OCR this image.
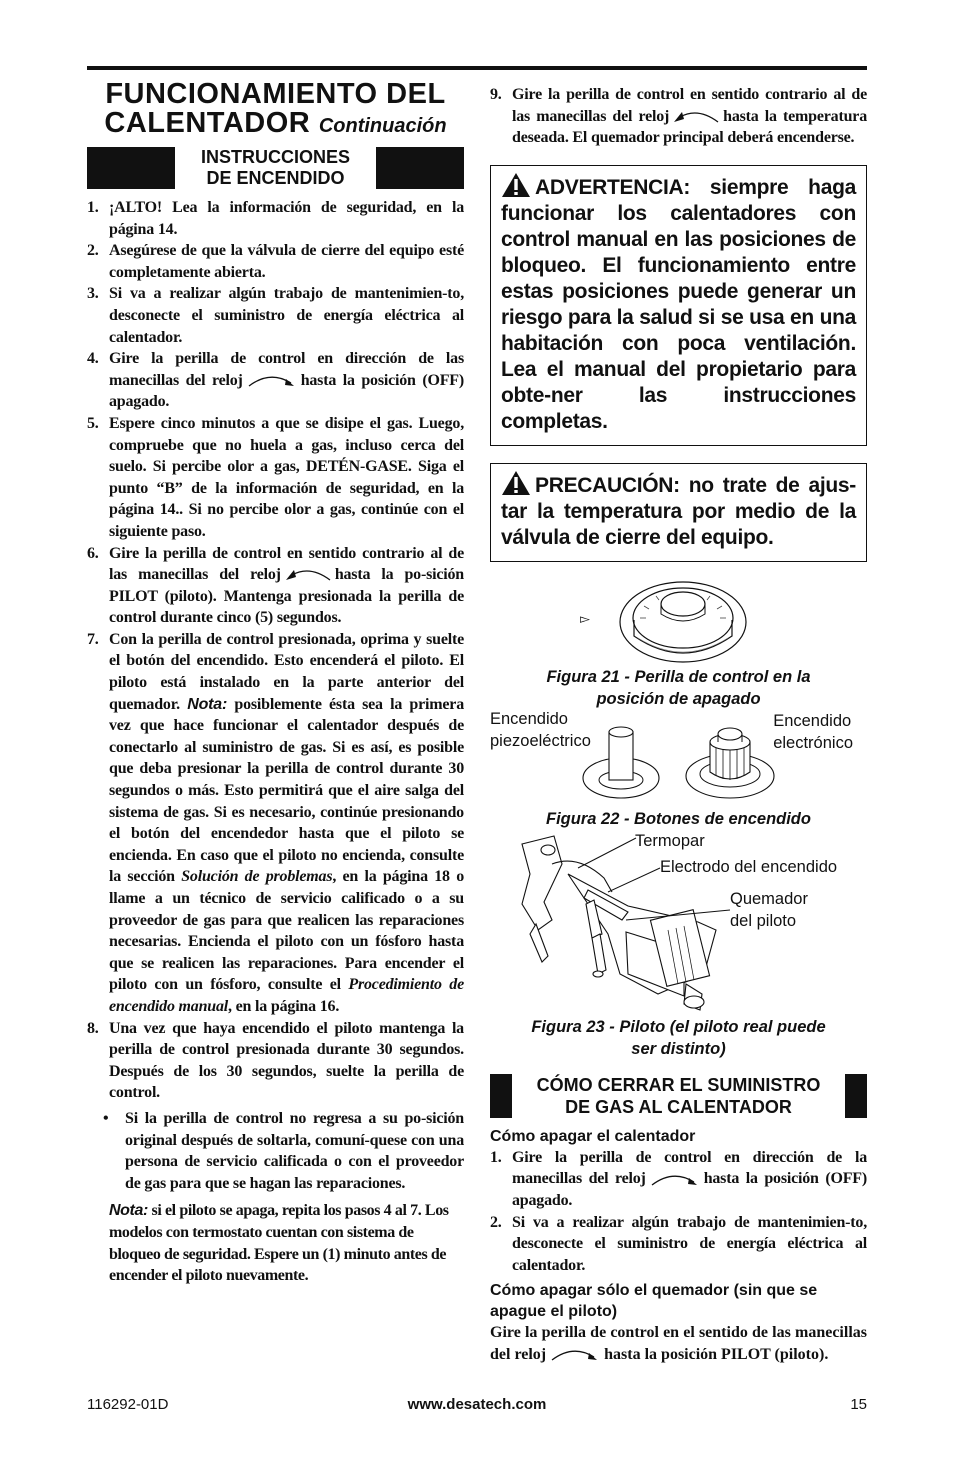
FUNCIONAMIENTO DEL
CALENTADOR Continuación
INSTRUCCIONES
DE ENCENDIDO
1. ¡ALTO! Lea la información de seguridad, en la página 14.
2. Asegúrese de que la válvula de cierre del equipo esté completamente abierta.
3. Si va a realizar algún trabajo de mantenimien-to, desconecte el suministro de energía eléctrica al calentador.
4. Gire la perilla de control en dirección de las manecillas del reloj	hasta la posición (OFF) apagado.
5. Espere cinco minutos a que se disipe el gas. Luego, compruebe que no huela a gas, incluso cerca del suelo. Si percibe olor a gas, DETÉN-GASE. Siga el punto “B” de la información de seguridad, en la página 14.. Si no percibe olor a gas, continúe con el siguiente paso.
6. Gire la perilla de control en sentido contrario al de las manecillas del reloj	hasta la po-sición PILOT (piloto). Mantenga presionada la perilla de control durante cinco (5) segundos.
7. Con la perilla de control presionada, oprima y suelte el botón del encendido. Esto encenderá el piloto. El piloto está instalado en la parte anterior del quemador. Nota: posiblemente ésta sea la primera vez que hace funcionar el calentador después de conectarlo al suministro de gas. Si es así, es posible que deba presionar la perilla de control durante 30 segundos o más. Esto permitirá que el aire salga del sistema de gas. Si es necesario, continúe presionando el botón del encendedor hasta que el piloto se encienda. En caso que el piloto no encienda, consulte la sección Solución de problemas, en la página 18 o llame a un técnico de servicio calificado o a su proveedor de gas para que realicen las reparaciones necesarias. Encienda el piloto con un fósforo hasta que se realicen las reparaciones. Para encender el piloto con un fósforo, consulte el Procedimiento de encendido manual, en la página 16.
8. Una vez que haya encendido el piloto mantenga la perilla de control presionada durante 30 segundos. Después de los 30 segundos, suelte la perilla de control.
• Si la perilla de control no regresa a su po-sición original después de soltarla, comuní-quese con una persona de servicio calificada o con el proveedor de gas para que se hagan las reparaciones.
Nota: si el piloto se apaga, repita los pasos 4 al 7. Los modelos con termostato cuentan con sistema de bloqueo de seguridad. Espere un (1) minuto antes de encender el piloto nuevamente.
9. Gire la perilla de control en sentido contrario al de las manecillas del reloj	hasta la temperatura deseada. El quemador principal deberá encenderse.
ADVERTENCIA: siempre haga funcionar los calentadores con control manual en las posiciones de bloqueo. El funcionamiento entre estas posiciones puede generar un riesgo para la salud si se usa en una habitación con poca ventilación. Lea el manual del propietario para obte-ner las instrucciones completas.
PRECAUCIÓN: no trate de ajus-tar la temperatura por medio de la válvula de cierre del equipo.
▻
Figura 21 - Perilla de control en la
posición de apagado
Encendido
piezoeléctrico
Encendido
electrónico
Figura 22 - Botones de encendido
Termopar
Electrodo del encendido
Quemador
del piloto
Figura 23 - Piloto (el piloto real puede
ser distinto)
CÓMO CERRAR EL SUMINISTRO
DE GAS AL CALENTADOR
Cómo apagar el calentador
1. Gire la perilla de control en dirección de la manecillas del reloj	hasta la posición (OFF) apagado.
2. Si va a realizar algún trabajo de mantenimien-to, desconecte el suministro de energía eléctrica al calentador.
Cómo apagar sólo el quemador (sin que se apague el piloto)
Gire la perilla de control en el sentido de las manecillas del reloj	hasta la posición PILOT (piloto).
116292-01D	www.desatech.com	15
